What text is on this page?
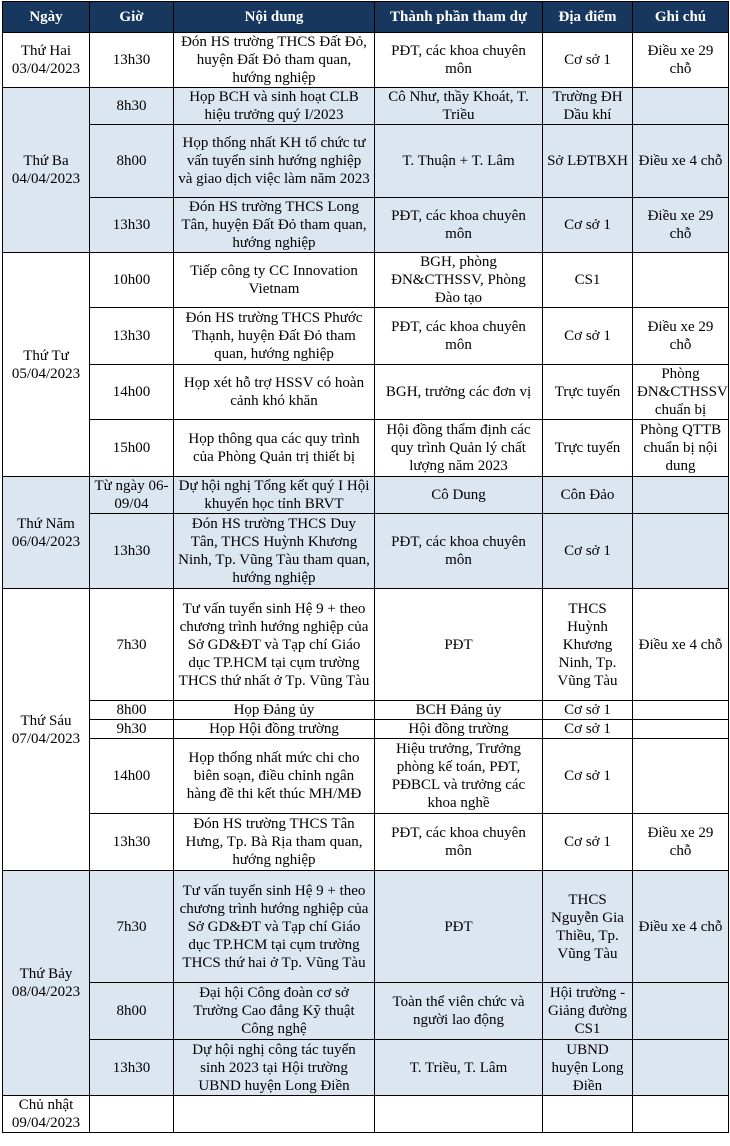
Ngày	Giờ	Nội dung	Thành phần tham dự	Địa điểm	Ghi chú
Thứ Hai
03/04/2023	13h30	Đón HS trường THCS Đất Đỏ, huyện Đất Đỏ tham quan, hướng nghiệp	PĐT, các khoa chuyên môn	Cơ sở 1	Điều xe 29 chỗ
Thứ Ba
04/04/2023	8h30	Họp BCH và sinh hoạt CLB hiệu trưởng quý I/2023	Cô Như, thầy Khoát, T. Triều	Trường ĐH Dầu khí	
	8h00	Họp thống nhất KH tổ chức tư vấn tuyển sinh hướng nghiệp và giao dịch việc làm năm 2023	T. Thuận + T. Lâm	Sở LĐTBXH	Điều xe 4 chỗ
	13h30	Đón HS trường THCS Long Tân, huyện Đất Đỏ tham quan, hướng nghiệp	PĐT, các khoa chuyên môn	Cơ sở 1	Điều xe 29 chỗ
Thứ Tư
05/04/2023	10h00	Tiếp công ty CC Innovation Vietnam	BGH, phòng ĐN&CTHSSV, Phòng Đào tạo	CS1	
	13h30	Đón HS trường THCS Phước Thạnh, huyện Đất Đỏ tham quan, hướng nghiệp	PĐT, các khoa chuyên môn	Cơ sở 1	Điều xe 29 chỗ
	14h00	Họp xét hỗ trợ HSSV có hoàn cảnh khó khăn	BGH, trưởng các đơn vị	Trực tuyến	Phòng ĐN&CTHSSV chuẩn bị
	15h00	Họp thông qua các quy trình của Phòng Quản trị thiết bị	Hội đồng thẩm định các quy trình Quản lý chất lượng năm 2023	Trực tuyến	Phòng QTTB chuẩn bị nội dung
Thứ Năm
06/04/2023	Từ ngày 06-09/04	Dự hội nghị Tổng kết quý I Hội khuyến học tỉnh BRVT	Cô Dung	Côn Đảo	
	13h30	Đón HS trường THCS Duy Tân, THCS Huỳnh Khương Ninh, Tp. Vũng Tàu tham quan, hướng nghiệp	PĐT, các khoa chuyên môn	Cơ sở 1	
Thứ Sáu
07/04/2023	7h30	Tư vấn tuyển sinh Hệ 9 + theo chương trình hướng nghiệp của Sở GD&ĐT và Tạp chí Giáo dục TP.HCM tại cụm trường THCS thứ nhất ở Tp. Vũng Tàu	PĐT	THCS Huỳnh Khương Ninh, Tp. Vũng Tàu	Điều xe 4 chỗ
	8h00	Họp Đảng ủy	BCH Đảng ủy	Cơ sở 1	
	9h30	Họp Hội đồng trường	Hội đồng trường	Cơ sở 1	
	14h00	Họp thống nhất mức chi cho biên soạn, điều chỉnh ngân hàng đề thi kết thúc MH/MĐ	Hiệu trưởng, Trưởng phòng kế toán, PĐT, PĐBCL và trưởng các khoa nghề	Cơ sở 1	
	13h30	Đón HS trường THCS Tân Hưng, Tp. Bà Rịa tham quan, hướng nghiệp	PĐT, các khoa chuyên môn	Cơ sở 1	Điều xe 29 chỗ
Thứ Bảy
08/04/2023	7h30	Tư vấn tuyển sinh Hệ 9 + theo chương trình hướng nghiệp của Sở GD&ĐT và Tạp chí Giáo dục TP.HCM tại cụm trường THCS thứ hai ở Tp. Vũng Tàu	PĐT	THCS Nguyễn Gia Thiều, Tp. Vũng Tàu	Điều xe 4 chỗ
	8h00	Đại hội Công đoàn cơ sở Trường Cao đẳng Kỹ thuật Công nghệ	Toàn thể viên chức và người lao động	Hội trường - Giảng đường CS1	
	13h30	Dự hội nghị công tác tuyển sinh 2023 tại Hội trường UBND huyện Long Điền	T. Triều, T. Lâm	UBND huyện Long Điền	
Chủ nhật
09/04/2023					
